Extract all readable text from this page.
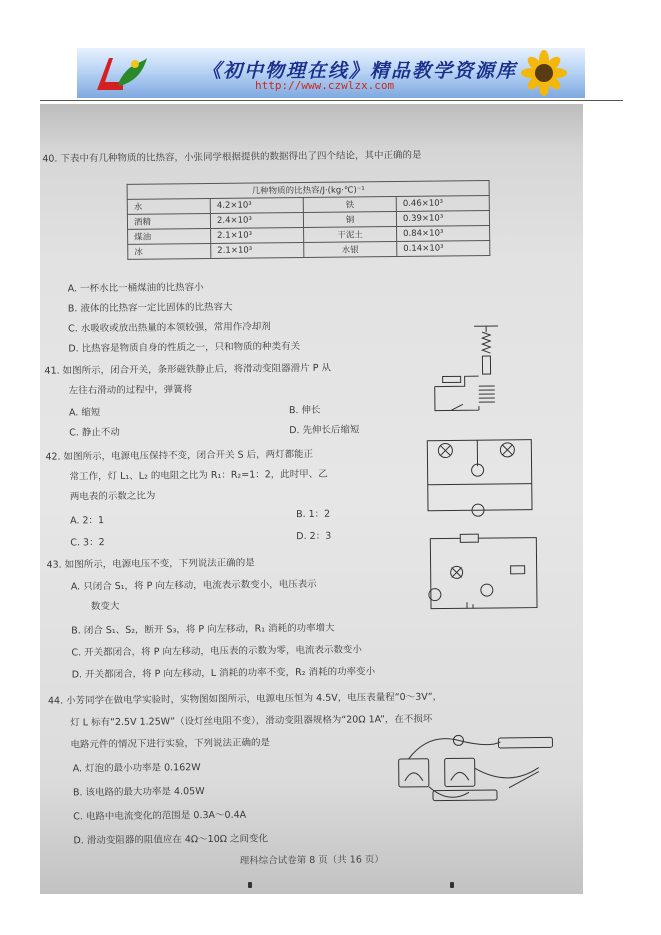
《初中物理在线》精品教学资源库
http://www.czwlzx.com
40. 下表中有几种物质的比热容，小张同学根据提供的数据得出了四个结论，其中正确的是
几种物质的比热容/J·(kg·℃)⁻¹			
水	4.2×10³	铁	0.46×10³
酒精	2.4×10³	铜	0.39×10³
煤油	2.1×10³	干泥土	0.84×10³
冰	2.1×10³	水银	0.14×10³
A. 一杯水比一桶煤油的比热容小
B. 液体的比热容一定比固体的比热容大
C. 水吸收或放出热量的本领较强，常用作冷却剂
D. 比热容是物质自身的性质之一，只和物质的种类有关
41. 如图所示，闭合开关，条形磁铁静止后，将滑动变阻器滑片 P 从
左往右滑动的过程中，弹簧将
A. 缩短	B. 伸长
C. 静止不动	D. 先伸长后缩短
42. 如图所示，电源电压保持不变，闭合开关 S 后，两灯都能正
常工作，灯 L₁、L₂ 的电阻之比为 R₁：R₂=1：2，此时甲、乙
两电表的示数之比为
A. 2：1
B. 1：2
C. 3：2
D. 2：3
43. 如图所示，电源电压不变，下列说法正确的是
A. 只闭合 S₁，将 P 向左移动，电流表示数变小，电压表示
数变大
B. 闭合 S₁、S₂，断开 S₃，将 P 向左移动，R₁ 消耗的功率增大
C. 开关都闭合，将 P 向左移动，电压表的示数为零，电流表示数变小
D. 开关都闭合，将 P 向左移动，L 消耗的功率不变，R₂ 消耗的功率变小
44. 小芳同学在做电学实验时，实物图如图所示，电源电压恒为 4.5V，电压表量程“0～3V”，
灯 L 标有“2.5V 1.25W”（设灯丝电阻不变），滑动变阻器规格为“20Ω 1A”，在不损坏
电路元件的情况下进行实验，下列说法正确的是
A. 灯泡的最小功率是 0.162W
B. 该电路的最大功率是 4.05W
C. 电路中电流变化的范围是 0.3A～0.4A
D. 滑动变阻器的阻值应在 4Ω～10Ω 之间变化
理科综合试卷第 8 页（共 16 页）
